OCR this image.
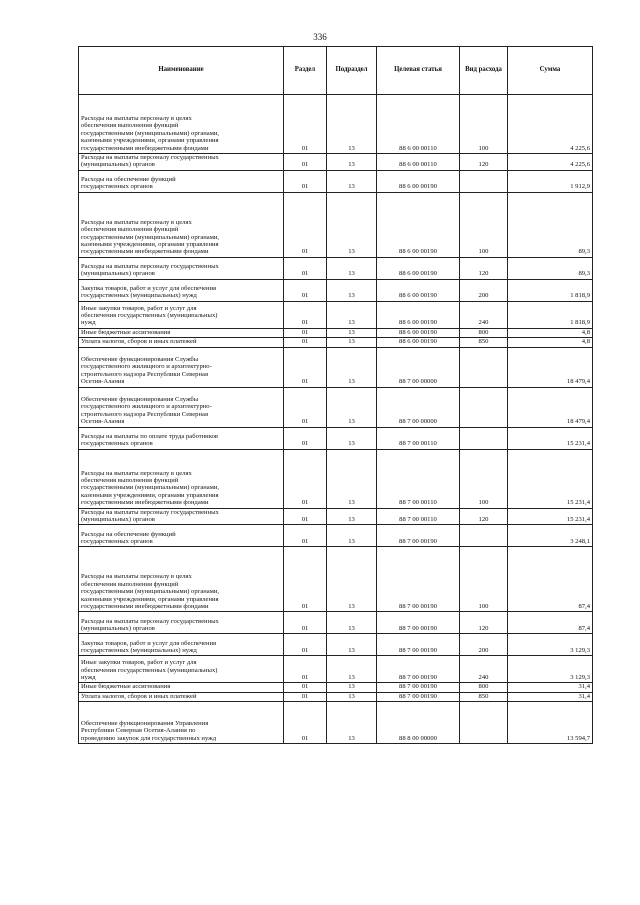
336
Наименование	Раздел	Подраздел	Целевая статья	Вид расхода	Сумма
Расходы на выплаты персоналу в целях
обеспечения выполнения функций
государственными (муниципальными) органами,
казенными учреждениями, органами управления
государственными внебюджетными фондами	01	13	88 6 00 00110	100	4 225,6
Расходы на выплаты персоналу государственных
(муниципальных) органов	01	13	88 6 00 00110	120	4 225,6
Расходы на обеспечение функций
государственных органов	01	13	88 6 00 00190		1 912,9
Расходы на выплаты персоналу в целях
обеспечения выполнения функций
государственными (муниципальными) органами,
казенными учреждениями, органами управления
государственными внебюджетными фондами	01	13	88 6 00 00190	100	89,3
Расходы на выплаты персоналу государственных
(муниципальных) органов	01	13	88 6 00 00190	120	89,3
Закупка товаров, работ и услуг для обеспечения
государственных (муниципальных) нужд	01	13	88 6 00 00190	200	1 818,9
Иные закупки товаров, работ и услуг для
обеспечения государственных (муниципальных)
нужд	01	13	88 6 00 00190	240	1 818,9
Иные бюджетные ассигнования	01	13	88 6 00 00190	800	4,8
Уплата налогов, сборов и иных платежей	01	13	88 6 00 00190	850	4,8
Обеспечение функционирования Службы
государственного жилищного и архитектурно-
строительного надзора Республики Северная
Осетия-Алания	01	13	88 7 00 00000		18 479,4
Обеспечение функционирования Службы
государственного жилищного и архитектурно-
строительного надзора Республики Северная
Осетия-Алания	01	13	88 7 00 00000		18 479,4
Расходы на выплаты по оплате труда работников
государственных органов	01	13	88 7 00 00110		15 231,4
Расходы на выплаты персоналу в целях
обеспечения выполнения функций
государственными (муниципальными) органами,
казенными учреждениями, органами управления
государственными внебюджетными фондами	01	13	88 7 00 00110	100	15 231,4
Расходы на выплаты персоналу государственных
(муниципальных) органов	01	13	88 7 00 00110	120	15 231,4
Расходы на обеспечение функций
государственных органов	01	13	88 7 00 00190		3 248,1
Расходы на выплаты персоналу в целях
обеспечения выполнения функций
государственными (муниципальными) органами,
казенными учреждениями, органами управления
государственными внебюджетными фондами	01	13	88 7 00 00190	100	87,4
Расходы на выплаты персоналу государственных
(муниципальных) органов	01	13	88 7 00 00190	120	87,4
Закупка товаров, работ и услуг для обеспечения
государственных (муниципальных) нужд	01	13	88 7 00 00190	200	3 129,3
Иные закупки товаров, работ и услуг для
обеспечения государственных (муниципальных)
нужд	01	13	88 7 00 00190	240	3 129,3
Иные бюджетные ассигнования	01	13	88 7 00 00190	800	31,4
Уплата налогов, сборов и иных платежей	01	13	88 7 00 00190	850	31,4
Обеспечение функционирования Управления
Республики Северная Осетия-Алания по
проведению закупок для государственных нужд	01	13	88 8 00 00000		13 594,7
